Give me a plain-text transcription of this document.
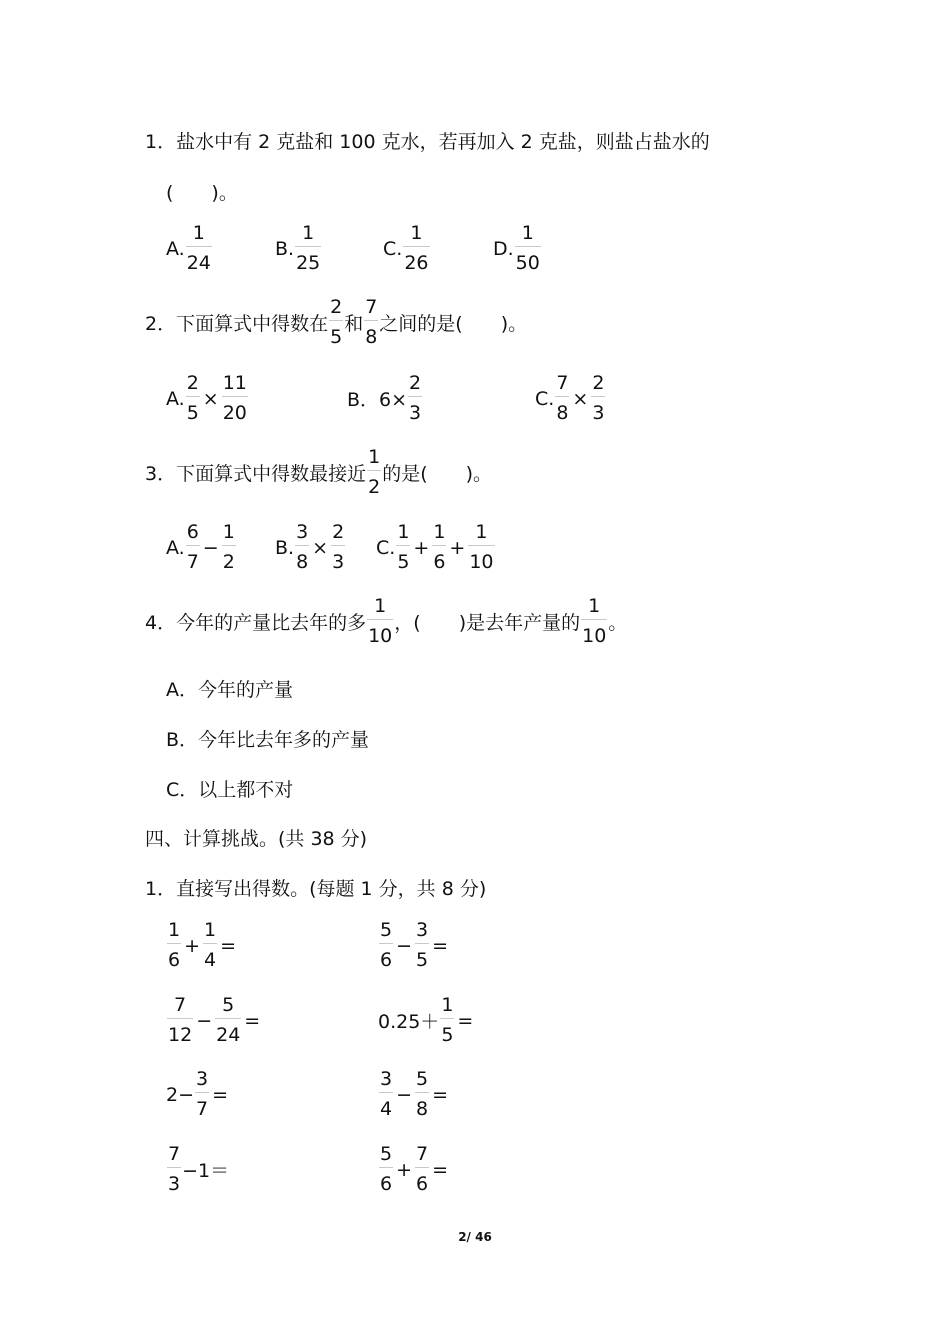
1．盐水中有 2 克盐和 100 克水，若再加入 2 克盐，则盐占盐水的
(　　)。
A. $\frac{1}{24}$	B. $\frac{1}{25}$	C. $\frac{1}{26}$	D. $\frac{1}{50}$
2．下面算式中得数在 $\frac{2}{5}$ 和 $\frac{7}{8}$ 之间的是(　　)。
A. $\frac{2}{5} \times \frac{11}{20}$	B．$6\times \frac{2}{3}$	C. $\frac{7}{8} \times \frac{2}{3}$
3．下面算式中得数最接近 $\frac{1}{2}$ 的是(　　)。
A. $\frac{6}{7} - \frac{1}{2} B$. $\frac{3}{8} \times \frac{2}{3} C$. $\frac{1}{5} + \frac{1}{6} + \frac{1}{10}$
4．今年的产量比去年的多 $\frac{1}{10}$ ，(　　)是去年产量的 $\frac{1}{10}$ 。
A．今年的产量
B．今年比去年多的产量
C．以上都不对
四、计算挑战。(共 38 分)
1．直接写出得数。(每题 1 分，共 8 分)
$\frac{1}{6} + \frac{1}{4}$ =	$\frac{5}{6} - \frac{3}{5}$ =
$\frac{7}{12} - \frac{5}{24}$ =	$0.25+ \frac{1}{5}$ =
$2- \frac{3}{7}$ =	$\frac{3}{4} - \frac{5}{8}$ =
$\frac{7}{3} -1=$	$\frac{5}{6} + \frac{7}{6}$ =
2/ 46
